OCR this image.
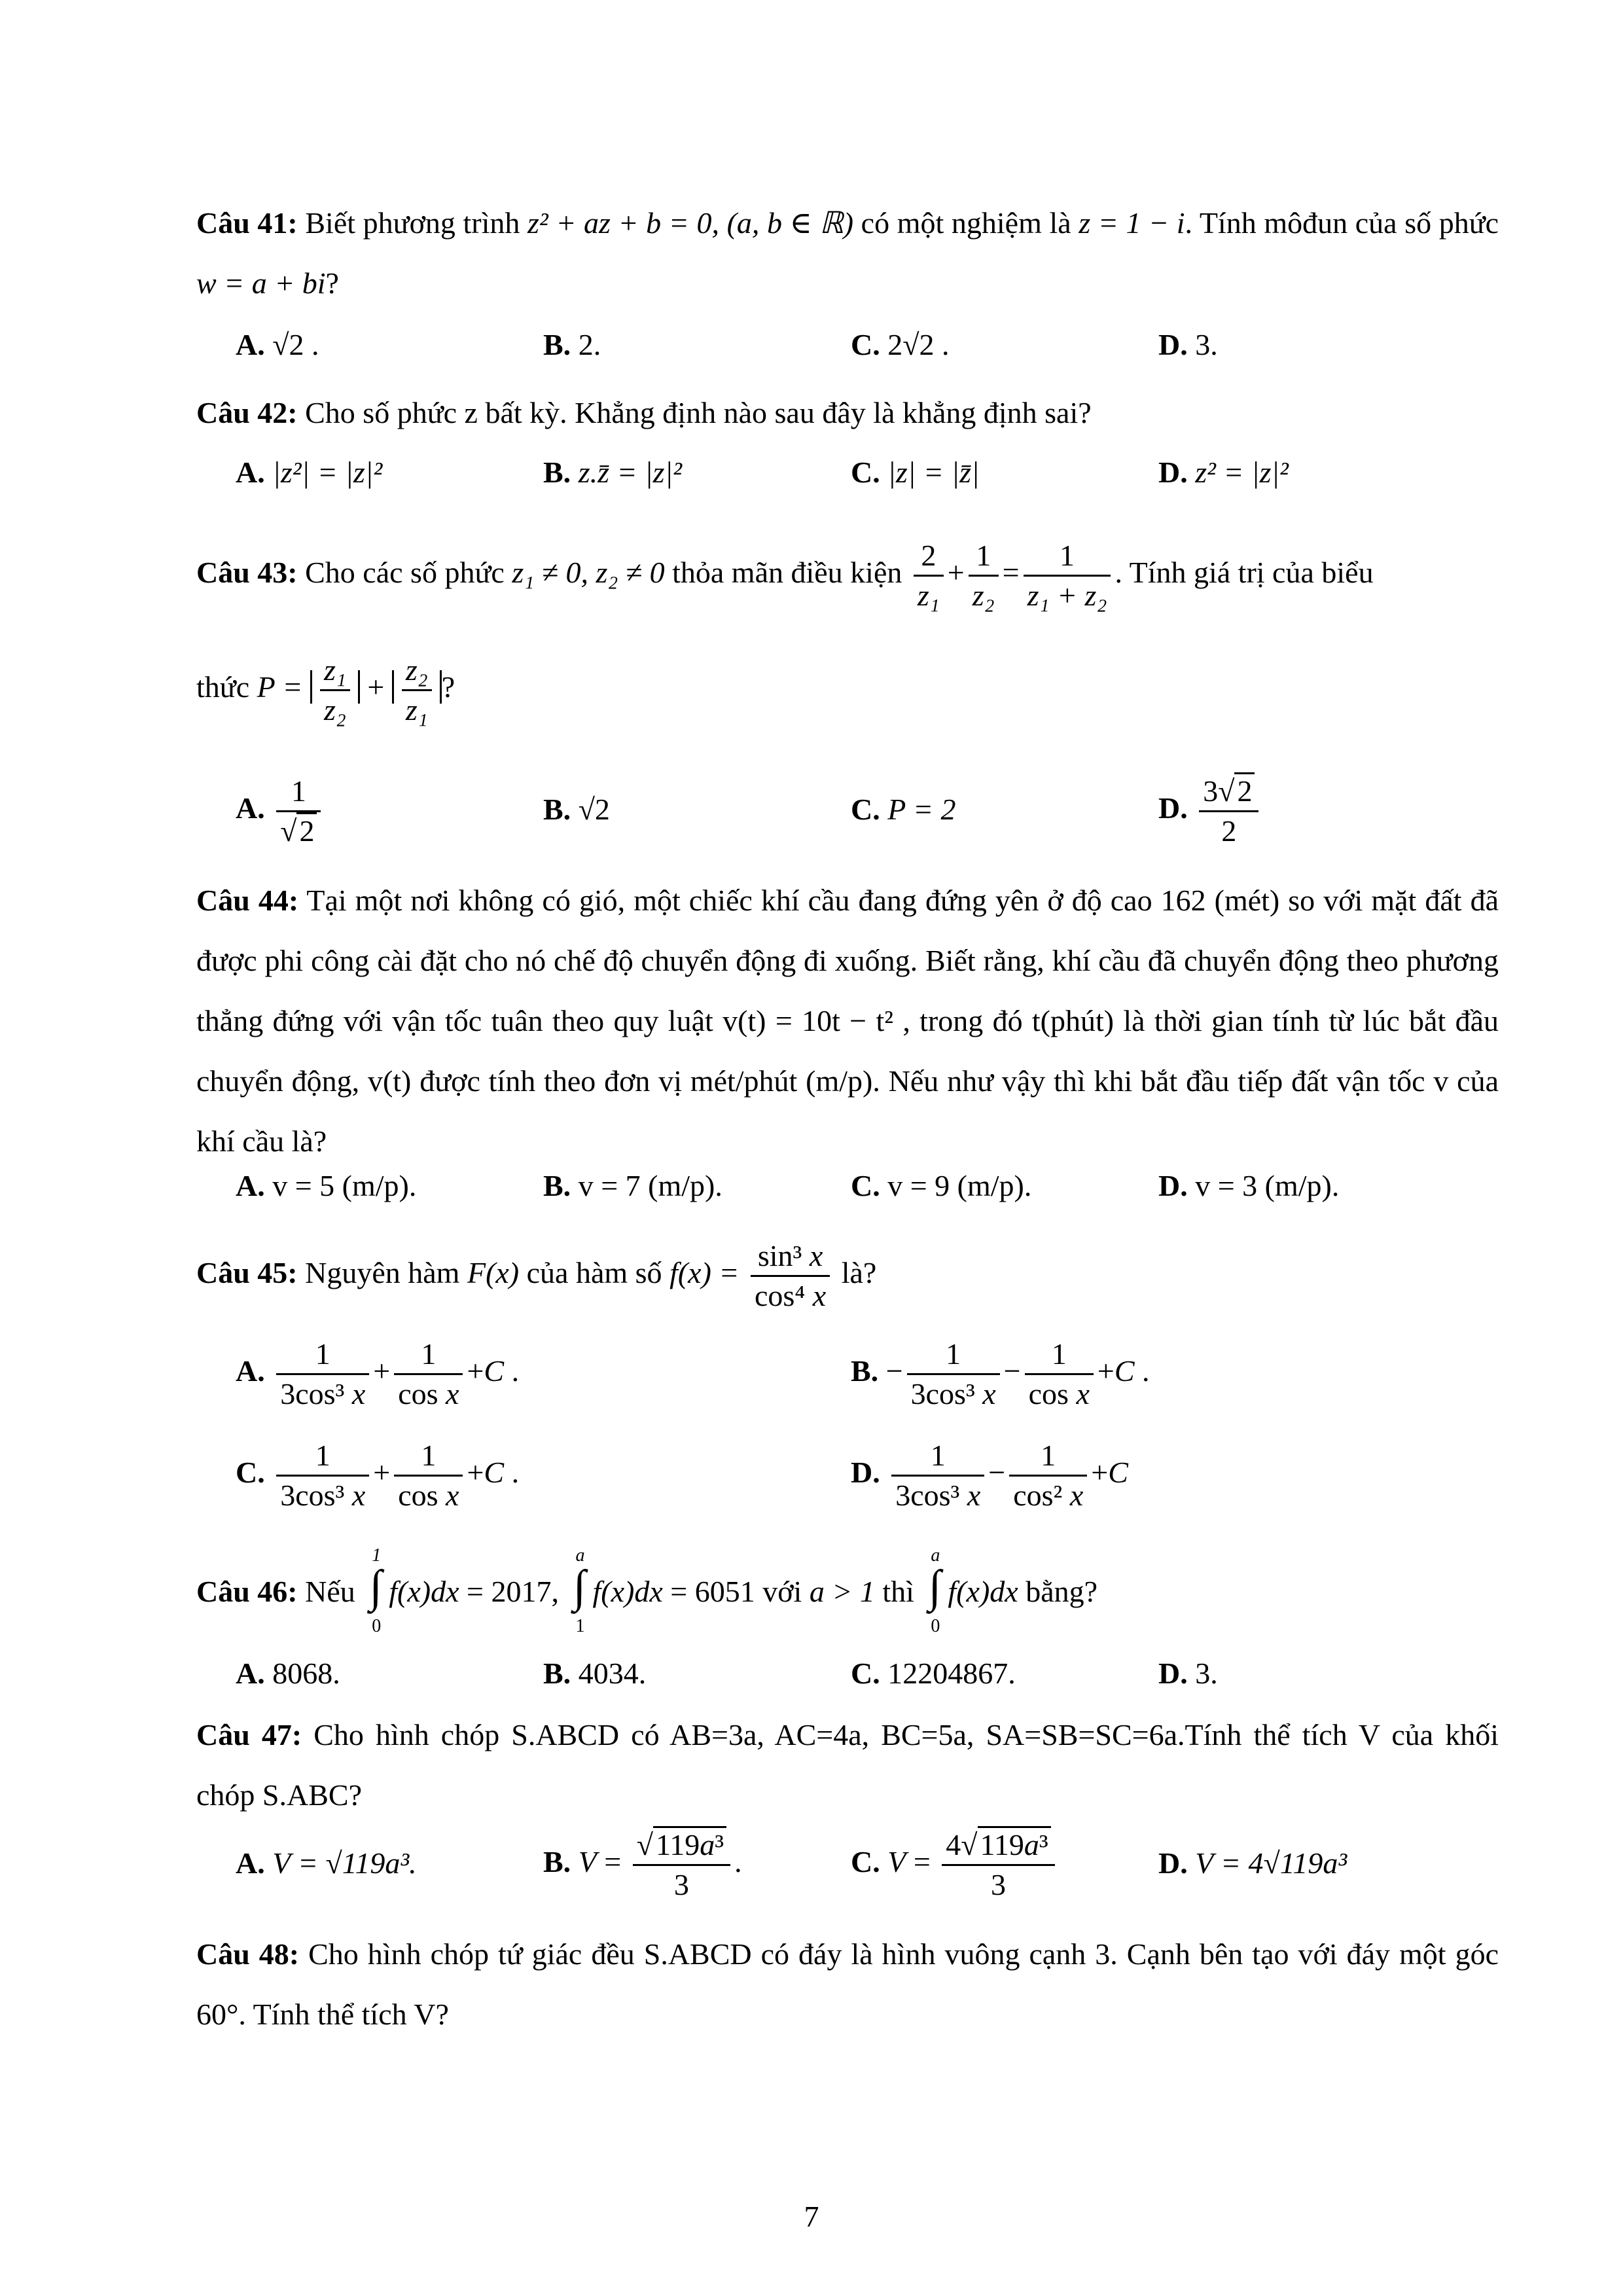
Câu 41: Biết phương trình z² + az + b = 0, (a, b ∈ ℝ) có một nghiệm là z = 1 − i. Tính môđun của số phức w = a + bi?
A. √2 .	B. 2.	C. 2√2 .	D. 3.
Câu 42: Cho số phức z bất kỳ. Khẳng định nào sau đây là khẳng định sai?
A. |z²| = |z|²	B. z.z̄ = |z|²	C. |z| = |z̄|	D. z² = |z|²
Câu 43: Cho các số phức z₁ ≠ 0, z₂ ≠ 0 thỏa mãn điều kiện $\frac{2}{\text{z₁}} + \frac{1}{\text{z₂}} = \frac{1}{\text{z₁ + z₂}}$ . Tính giá trị của biểu
thức $P = \frac{\text{z₁}}{\text{z₂}} + \frac{\text{z₂}}{\text{z₁}}$ ?
A. $\frac{1}{√2}$	B. √2	C. P = 2	D. $\frac{3√2}{2}$
Câu 44: Tại một nơi không có gió, một chiếc khí cầu đang đứng yên ở độ cao 162 (mét) so với mặt đất đã được phi công cài đặt cho nó chế độ chuyển động đi xuống. Biết rằng, khí cầu đã chuyển động theo phương thẳng đứng với vận tốc tuân theo quy luật v(t) = 10t − t² , trong đó t(phút) là thời gian tính từ lúc bắt đầu chuyển động, v(t) được tính theo đơn vị mét/phút (m/p). Nếu như vậy thì khi bắt đầu tiếp đất vận tốc v của khí cầu là?
A. v = 5 (m/p).	B. v = 7 (m/p).	C. v = 9 (m/p).	D. v = 3 (m/p).
Câu 45: Nguyên hàm F(x) của hàm số $f(x) = \frac{\text{sin³ x}}{\text{cos⁴ x}}$ là?
A. $\frac{1}{\text{3cos³ x}} + \frac{1}{\text{cos x}} +C$ .	B. − $\frac{1}{\text{3cos³ x}} - \frac{1}{\text{cos x}} +C$ .
C. $\frac{1}{\text{3cos³ x}} + \frac{1}{\text{cos x}} +C$ .	D. $\frac{1}{\text{3cos³ x}} - \frac{1}{\text{cos² x}} +C$
Câu 46: Nếu
1
∫
0
f(x)dx = 2017,
a
∫
1
f(x)dx = 6051 với a > 1 thì
a
∫
0
f(x)dx bằng?
A. 8068.	B. 4034.	C. 12204867.	D. 3.
Câu 47: Cho hình chóp S.ABCD có AB=3a, AC=4a, BC=5a, SA=SB=SC=6a.Tính thể tích V của khối chóp S.ABC?
A. V = √119a³.	B. $V = \frac{\text{√119a³}}{3}$ .	C. $V = \frac{\text{4√119a³}}{3}$	D. V = 4√119a³
Câu 48: Cho hình chóp tứ giác đều S.ABCD có đáy là hình vuông cạnh 3. Cạnh bên tạo với đáy một góc 60°. Tính thể tích V?
7
